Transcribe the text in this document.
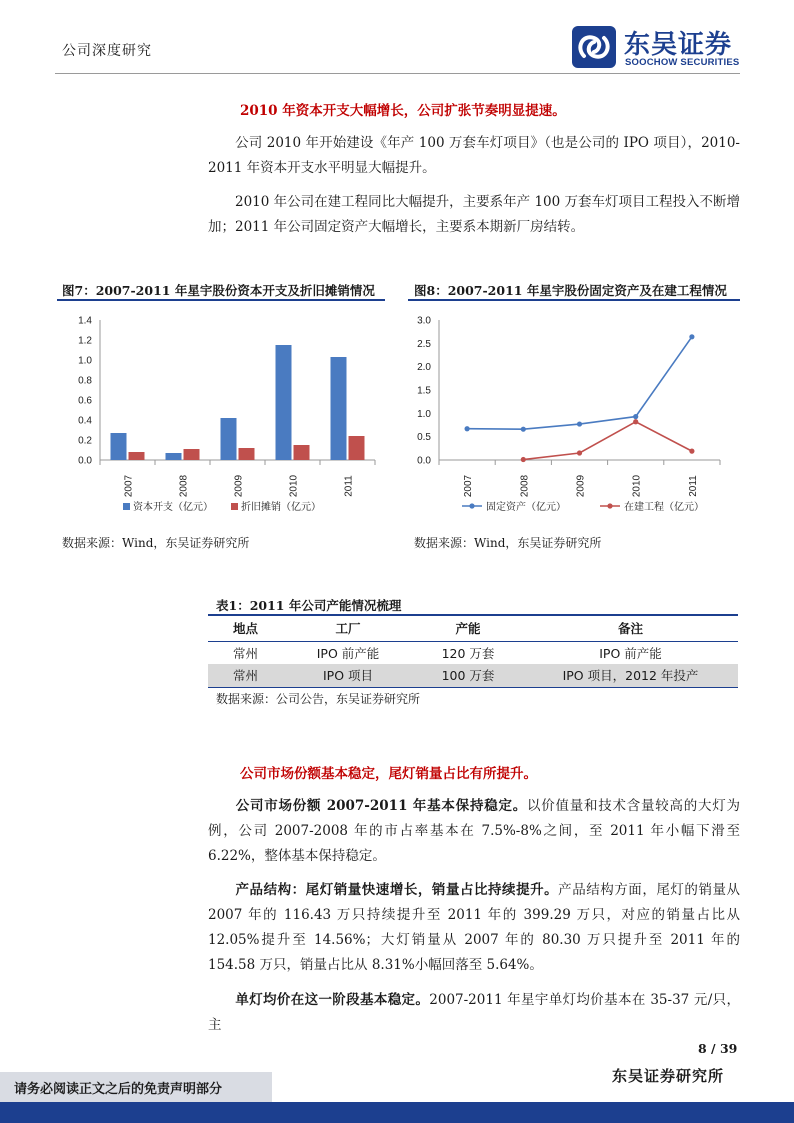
公司深度研究	东吴证券
SOOCHOW SECURITIES
2010 年资本开支大幅增长，公司扩张节奏明显提速。
公司 2010 年开始建设《年产 100 万套车灯项目》（也是公司的 IPO 项目），2010-2011 年资本开支水平明显大幅提升。
2010 年公司在建工程同比大幅提升，主要系年产 100 万套车灯项目工程投入不断增加；2011 年公司固定资产大幅增长，主要系本期新厂房结转。
图7：2007-2011 年星宇股份资本开支及折旧摊销情况
0.0
0.2
0.4
0.6
0.8
1.0
1.2
1.4
2007	2008	2009	2010	2011
资本开支（亿元）	折旧摊销（亿元）
数据来源：Wind，东吴证券研究所
图8：2007-2011 年星宇股份固定资产及在建工程情况
0.0
0.5
1.0
1.5
2.0
2.5
3.0
2007	2008	2009	2010	2011
固定资产（亿元）	在建工程（亿元）
数据来源：Wind，东吴证券研究所
表1：2011 年公司产能情况梳理
地点	工厂	产能	备注
常州	IPO 前产能	120 万套	IPO 前产能
常州	IPO 项目	100 万套	IPO 项目，2012 年投产
数据来源：公司公告，东吴证券研究所
公司市场份额基本稳定，尾灯销量占比有所提升。
公司市场份额 2007-2011 年基本保持稳定。以价值量和技术含量较高的大灯为例，公司 2007-2008 年的市占率基本在 7.5%-8%之间，至 2011 年小幅下滑至 6.22%，整体基本保持稳定。
产品结构：尾灯销量快速增长，销量占比持续提升。产品结构方面，尾灯的销量从 2007 年的 116.43 万只持续提升至 2011 年的 399.29 万只，对应的销量占比从 12.05%提升至 14.56%；大灯销量从 2007 年的 80.30 万只提升至 2011 年的 154.58 万只，销量占比从 8.31%小幅回落至 5.64%。
单灯均价在这一阶段基本稳定。2007-2011 年星宇单灯均价基本在 35-37 元/只，主
8 / 39
东吴证券研究所
请务必阅读正文之后的免责声明部分
